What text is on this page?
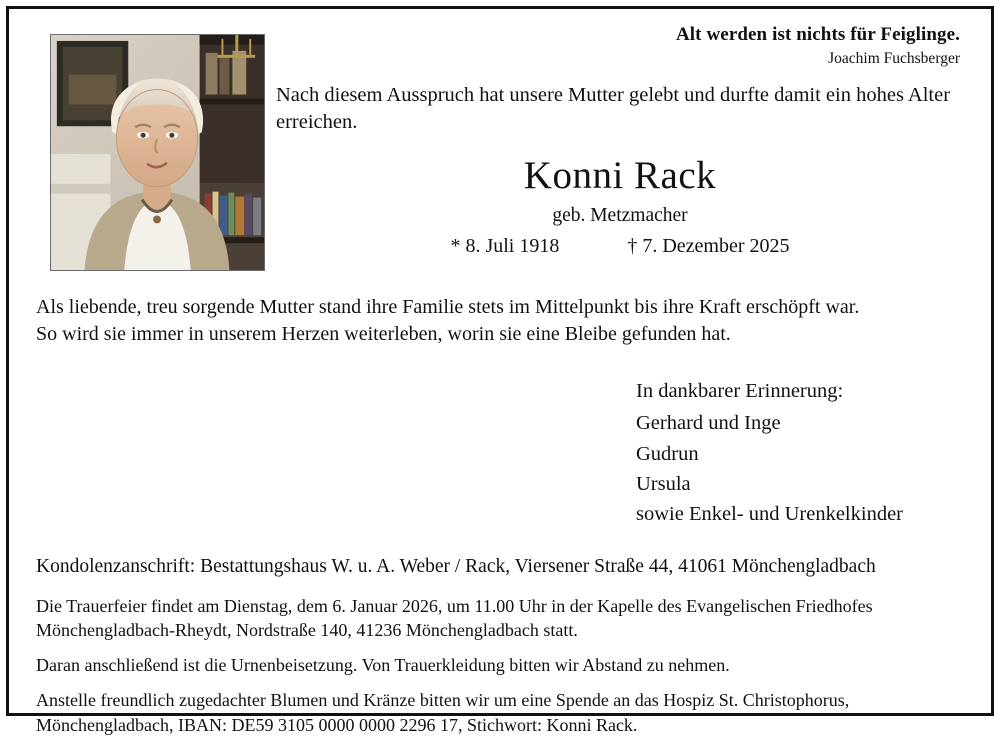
Alt werden ist nichts für Feiglinge.
Joachim Fuchsberger
Nach diesem Ausspruch hat unsere Mutter gelebt und durfte damit ein hohes Alter erreichen.
Konni Rack
geb. Metzmacher
* 8. Juli 1918	† 7. Dezember 2025
Als liebende, treu sorgende Mutter stand ihre Familie stets im Mittelpunkt bis ihre Kraft erschöpft war.
So wird sie immer in unserem Herzen weiterleben, worin sie eine Bleibe gefunden hat.
In dankbarer Erinnerung:
Gerhard und Inge
Gudrun
Ursula
sowie Enkel- und Urenkelkinder
Kondolenzanschrift: Bestattungshaus W. u. A. Weber / Rack, Viersener Straße 44, 41061 Mönchengladbach

Die Trauerfeier findet am Dienstag, dem 6. Januar 2026, um 11.00 Uhr in der Kapelle des Evangelischen Friedhofes
Mönchengladbach-Rheydt, Nordstraße 140, 41236 Mönchengladbach statt.

Daran anschließend ist die Urnenbeisetzung. Von Trauerkleidung bitten wir Abstand zu nehmen.

Anstelle freundlich zugedachter Blumen und Kränze bitten wir um eine Spende an das Hospiz St. Christophorus,
Mönchengladbach, IBAN: DE59 3105 0000 0000 2296 17, Stichwort: Konni Rack.
